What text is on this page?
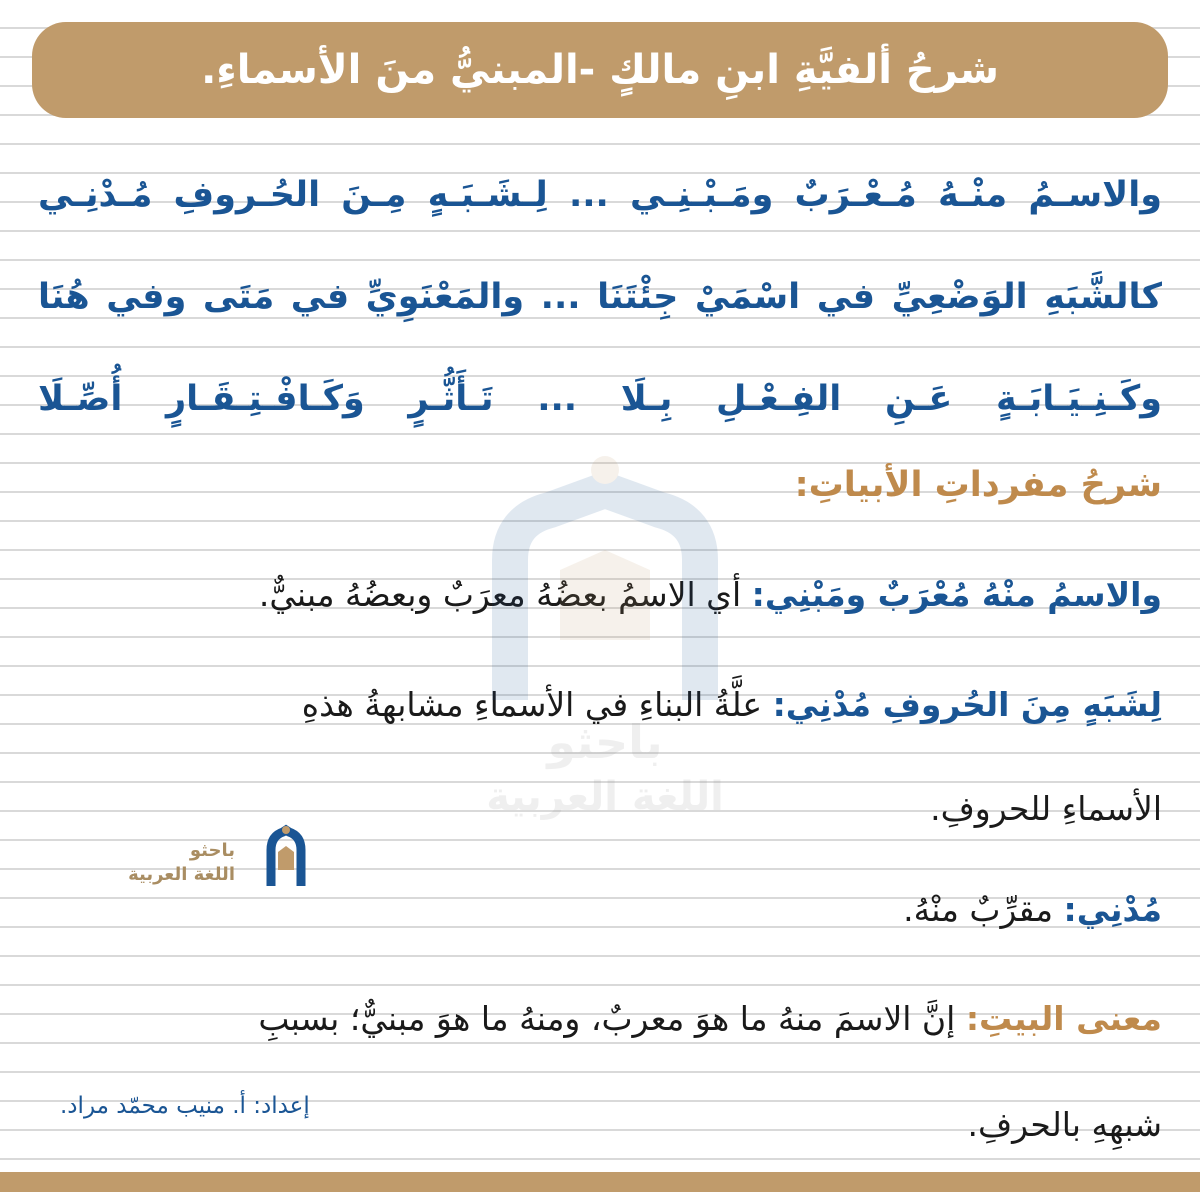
شرحُ ألفيَّةِ ابنِ مالكٍ -المبنيُّ منَ الأسماءِ.
والاسـمُ منْـهُ مُـعْـرَبٌ ومَـبْـنِـي ... لِـشَـبَـهٍ مِـنَ الحُـروفِ مُـدْنِـي
كالشَّبَهِ الوَضْعِيِّ في اسْمَيْ جِئْتَنَا ... والمَعْنَوِيِّ في مَتَى وفي هُنَا
وكَـنِـيَـابَـةٍ عَـنِ الفِـعْـلِ بِـلَا ... تَـأَثُّـرٍ وَكَـافْـتِـقَـارٍ أُصِّـلَا
شرحُ مفرداتِ الأبياتِ:
والاسمُ منْهُ مُعْرَبٌ ومَبْنِي: أي الاسمُ بعضُهُ معرَبٌ وبعضُهُ مبنيٌّ.
لِشَبَهٍ مِنَ الحُروفِ مُدْنِي: علَّةُ البناءِ في الأسماءِ مشابهةُ هذهِ
الأسماءِ للحروفِ.
مُدْنِي: مقرِّبٌ منْهُ.
معنى البيتِ: إنَّ الاسمَ منهُ ما هوَ معربٌ، ومنهُ ما هوَ مبنيٌّ؛ بسببِ
شبهِهِ بالحرفِ.
إعداد: أ. منيب محمّد مراد.
باحثو
اللغة العربية
باحثو
اللغة العربية
